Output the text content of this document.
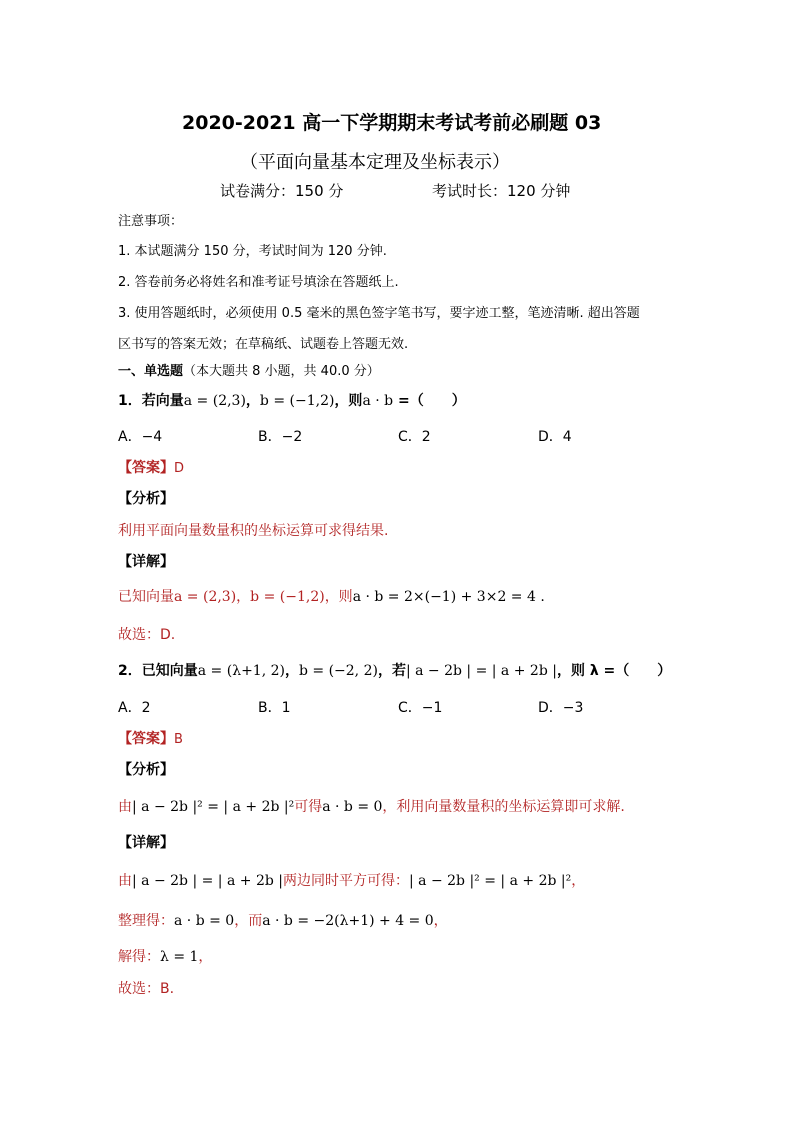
2020-2021 高一下学期期末考试考前必刷题 03
（平面向量基本定理及坐标表示）
试卷满分：150 分	考试时长：120 分钟
注意事项：
1. 本试题满分 150 分，考试时间为 120 分钟.
2. 答卷前务必将姓名和准考证号填涂在答题纸上.
3. 使用答题纸时，必须使用 0.5 毫米的黑色签字笔书写，要字迹工整，笔迹清晰. 超出答题
区书写的答案无效；在草稿纸、试题卷上答题无效.
一、单选题（本大题共 8 小题，共 40.0 分）
1．若向量a = (2,3)，b = (−1,2)，则a · b =（　　）
A．−4	B．−2	C．2	D．4
【答案】D
【分析】
利用平面向量数量积的坐标运算可求得结果.
【详解】
已知向量a = (2,3)，b = (−1,2)，则a · b = 2×(−1) + 3×2 = 4 .
故选：D.
2．已知向量a = (λ+1, 2)，b = (−2, 2)，若| a − 2b | = | a + 2b |，则 λ =（　　）
A．2	B．1	C．−1	D．−3
【答案】B
【分析】
由| a − 2b |² = | a + 2b |²可得a · b = 0，利用向量数量积的坐标运算即可求解.
【详解】
由| a − 2b | = | a + 2b |两边同时平方可得：| a − 2b |² = | a + 2b |²，
整理得：a · b = 0，而a · b = −2(λ+1) + 4 = 0，
解得：λ = 1，
故选：B.
